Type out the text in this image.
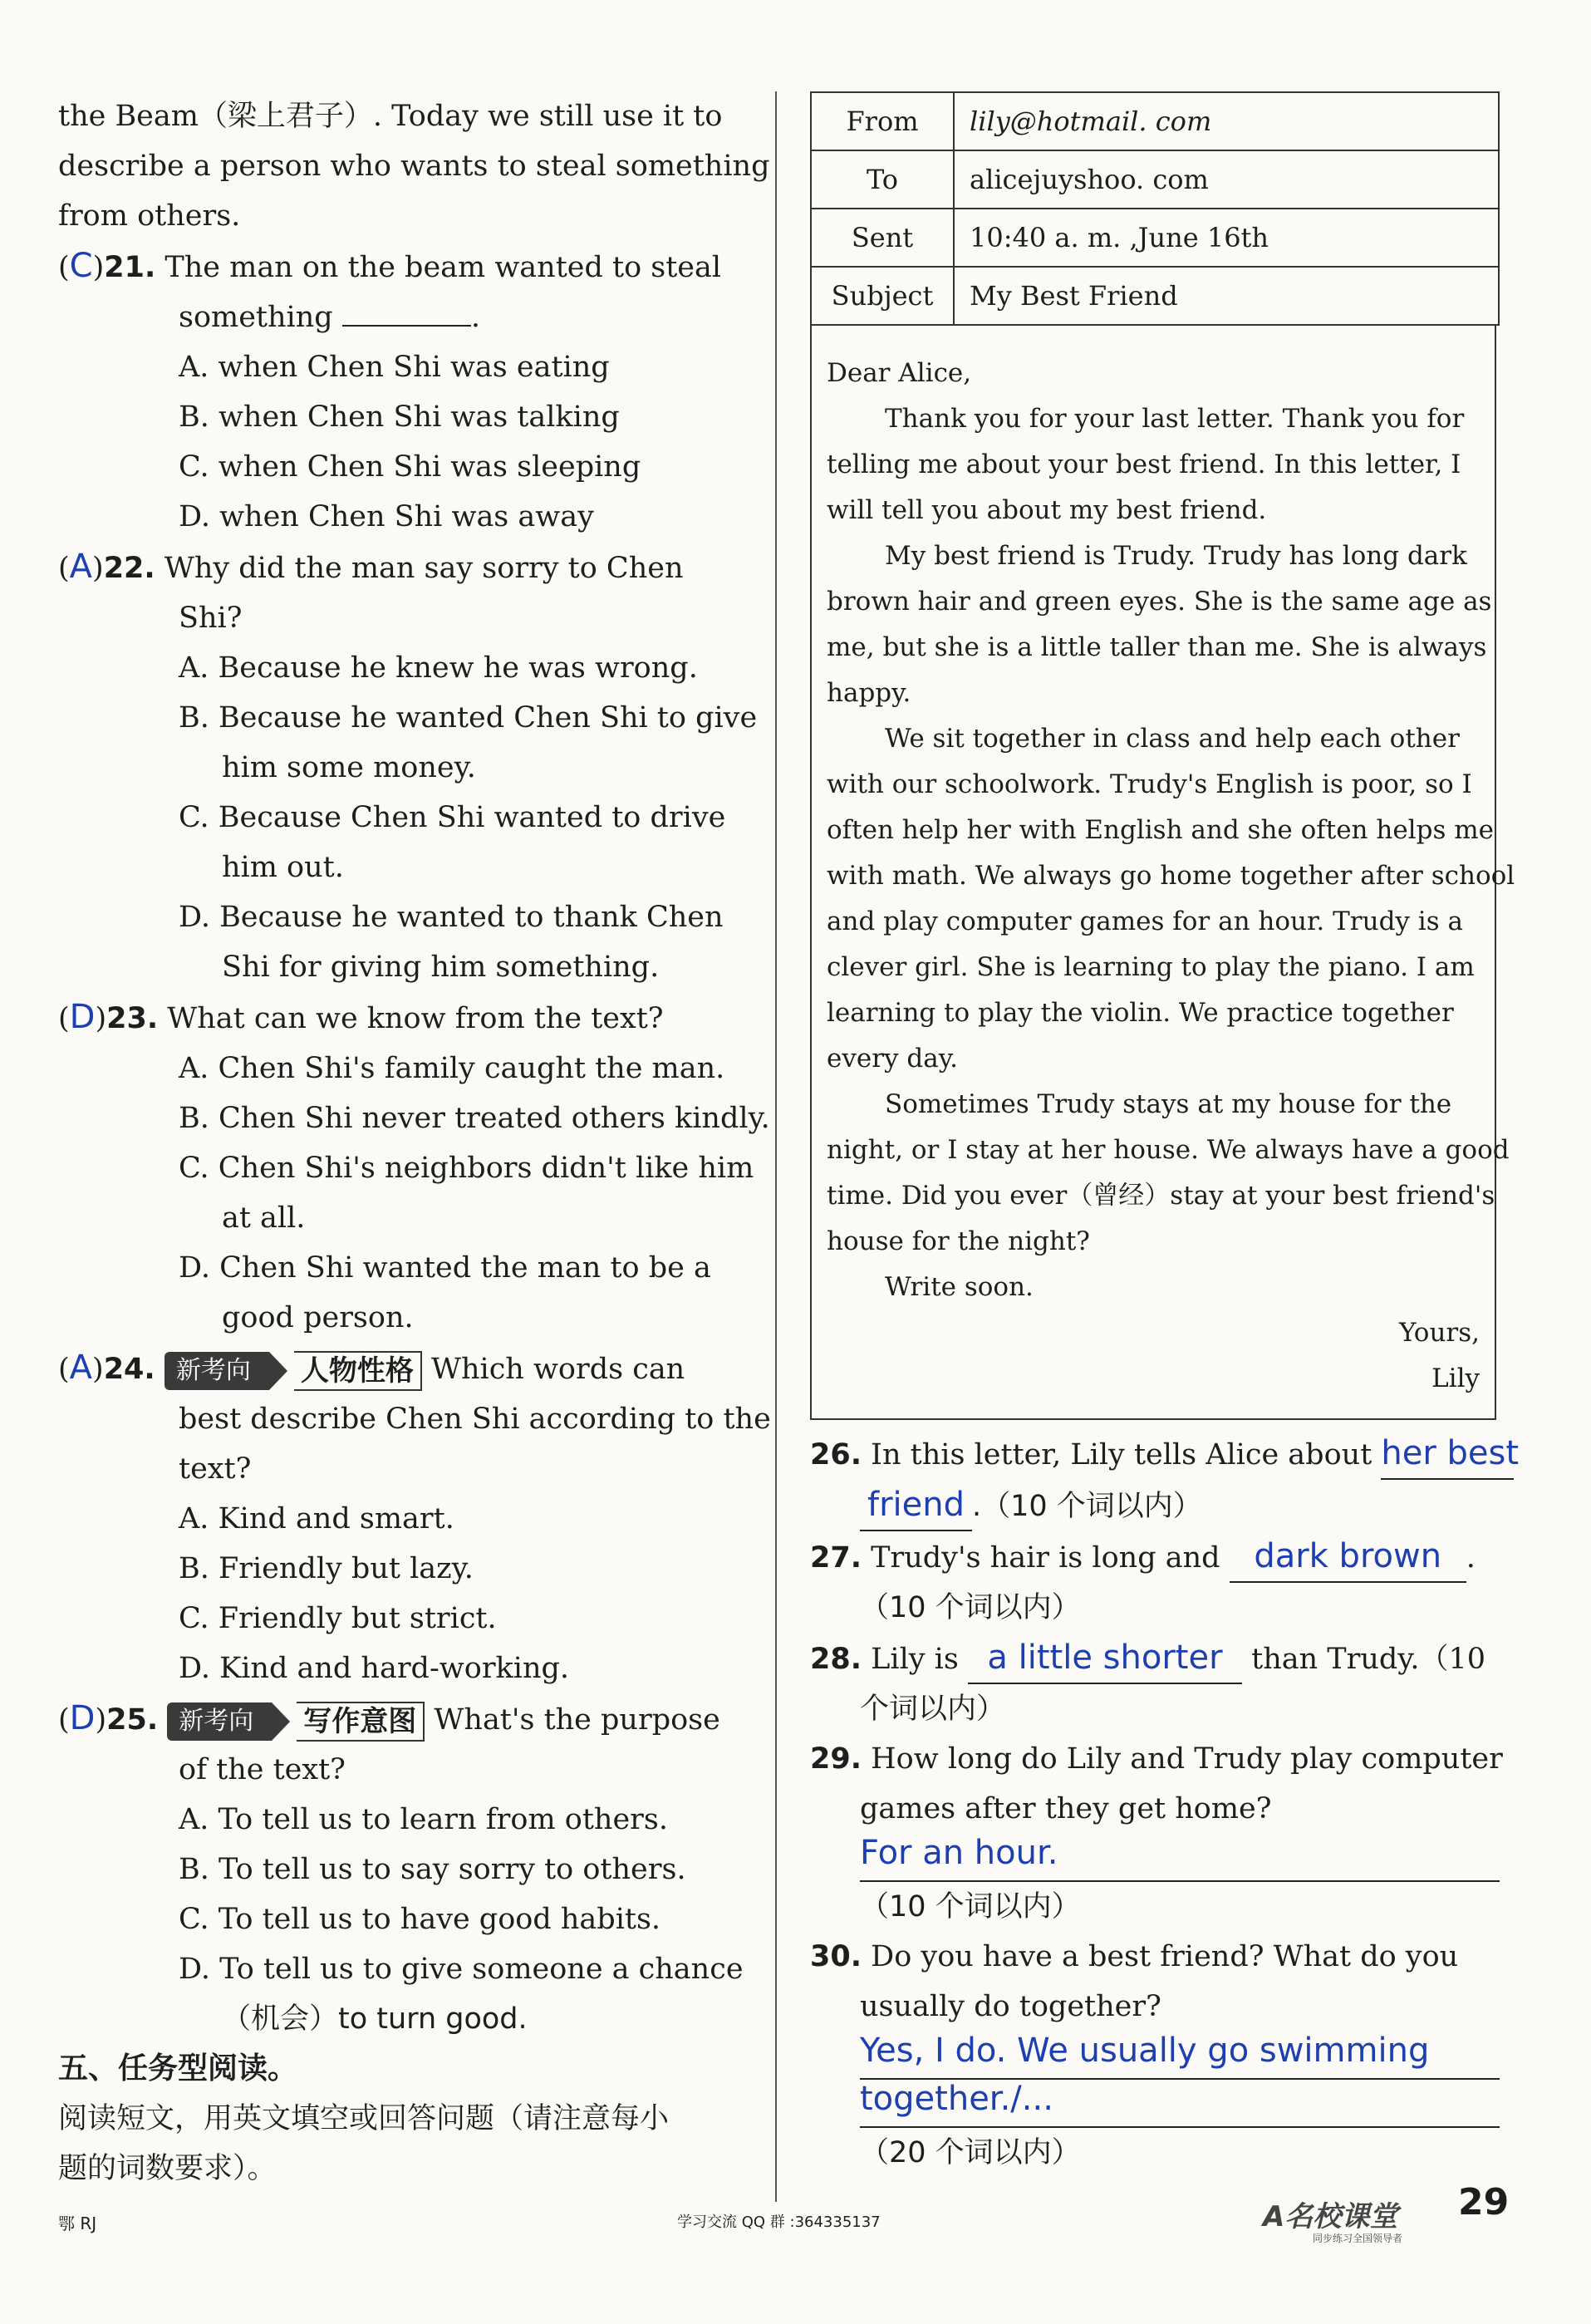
the Beam（梁上君子）. Today we still use it to
describe a person who wants to steal something
from others.
(C)21. The man on the beam wanted to steal
something	.
A. when Chen Shi was eating
B. when Chen Shi was talking
C. when Chen Shi was sleeping
D. when Chen Shi was away
(A)22. Why did the man say sorry to Chen
Shi?
A. Because he knew he was wrong.
B. Because he wanted Chen Shi to give
him some money.
C. Because Chen Shi wanted to drive
him out.
D. Because he wanted to thank Chen
Shi for giving him something.
(D)23. What can we know from the text?
A. Chen Shi's family caught the man.
B. Chen Shi never treated others kindly.
C. Chen Shi's neighbors didn't like him
at all.
D. Chen Shi wanted the man to be a
good person.
(A)24. 新考向 人物性格 Which words can
best describe Chen Shi according to the
text?
A. Kind and smart.
B. Friendly but lazy.
C. Friendly but strict.
D. Kind and hard-working.
(D)25. 新考向 写作意图 What's the purpose
of the text?
A. To tell us to learn from others.
B. To tell us to say sorry to others.
C. To tell us to have good habits.
D. To tell us to give someone a chance
（机会）to turn good.
五、任务型阅读。
阅读短文，用英文填空或回答问题（请注意每小
题的词数要求）。
From	lily@hotmail. com
To	alicejuyshoo. com
Sent	10:40 a. m. ,June 16th
Subject	My Best Friend
Dear Alice,
Thank you for your last letter. Thank you for
telling me about your best friend. In this letter, I
will tell you about my best friend.
My best friend is Trudy. Trudy has long dark
brown hair and green eyes. She is the same age as
me, but she is a little taller than me. She is always
happy.
We sit together in class and help each other
with our schoolwork. Trudy's English is poor, so I
often help her with English and she often helps me
with math. We always go home together after school
and play computer games for an hour. Trudy is a
clever girl. She is learning to play the piano. I am
learning to play the violin. We practice together
every day.
Sometimes Trudy stays at my house for the
night, or I stay at her house. We always have a good
time. Did you ever（曾经）stay at your best friend's
house for the night?
Write soon.
Yours,
Lily
26. In this letter, Lily tells Alice about her best
friend .（10 个词以内）
27. Trudy's hair is long and dark brown .
（10 个词以内）
28. Lily is a little shorter than Trudy.（10
个词以内）
29. How long do Lily and Trudy play computer
games after they get home?
For an hour.
（10 个词以内）
30. Do you have a best friend? What do you
usually do together?
Yes, I do. We usually go swimming
together./...
（20 个词以内）
鄂 RJ	学习交流 QQ 群 :364335137	A名校课堂
同步练习全国领导者
29
